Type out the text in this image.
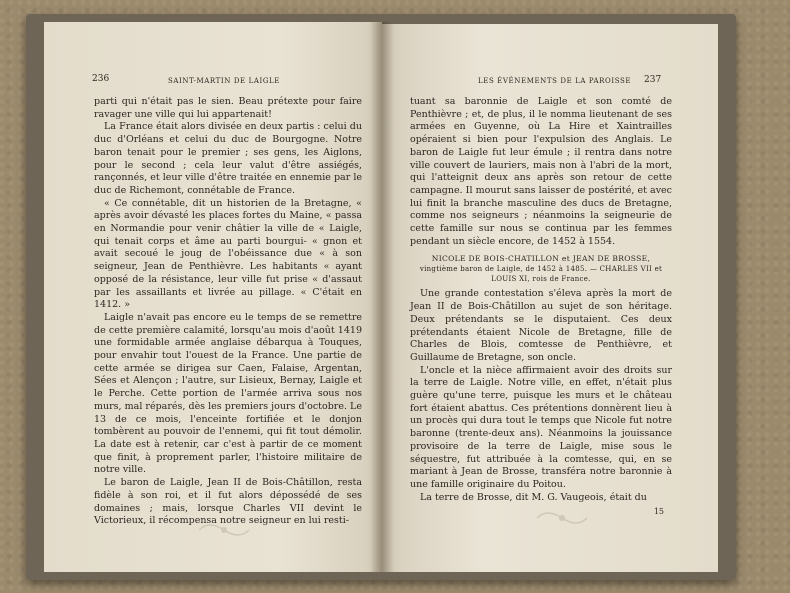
236	SAINT-MARTIN DE LAIGLE

parti qui n'était pas le sien. Beau prétexte pour faire ravager une ville qui lui appartenait!

La France était alors divisée en deux partis : celui du duc d'Orléans et celui du duc de Bourgogne. Notre baron tenait pour le premier ; ses gens, les Aiglons, pour le second ; cela leur valut d'être assiégés, rançonnés, et leur ville d'être traitée en ennemie par le duc de Richemont, connétable de France.

« Ce connétable, dit un historien de la Bretagne, « après avoir dévasté les places fortes du Maine, « passa en Normandie pour venir châtier la ville de « Laigle, qui tenait corps et âme au parti bourgui- « gnon et avait secoué le joug de l'obéissance due « à son seigneur, Jean de Penthièvre. Les habitants « ayant opposé de la résistance, leur ville fut prise « d'assaut par les assaillants et livrée au pillage. « C'était en 1412. »

Laigle n'avait pas encore eu le temps de se remettre de cette première calamité, lorsqu'au mois d'août 1419 une formidable armée anglaise débarqua à Touques, pour envahir tout l'ouest de la France. Une partie de cette armée se dirigea sur Caen, Falaise, Argentan, Sées et Alençon ; l'autre, sur Lisieux, Bernay, Laigle et le Perche. Cette portion de l'armée arriva sous nos murs, mal réparés, dès les premiers jours d'octobre. Le 13 de ce mois, l'enceinte fortifiée et le donjon tombèrent au pouvoir de l'ennemi, qui fit tout démolir. La date est à retenir, car c'est à partir de ce moment que finit, à proprement parler, l'histoire militaire de notre ville.

Le baron de Laigle, Jean II de Bois-Châtillon, resta fidèle à son roi, et il fut alors dépossédé de ses domaines ; mais, lorsque Charles VII devint le Victorieux, il récompensa notre seigneur en lui resti-

LES ÉVÉNEMENTS DE LA PAROISSE 237

tuant sa baronnie de Laigle et son comté de Penthièvre ; et, de plus, il le nomma lieutenant de ses armées en Guyenne, où La Hire et Xaintrailles opéraient si bien pour l'expulsion des Anglais. Le baron de Laigle fut leur émule ; il rentra dans notre ville couvert de lauriers, mais non à l'abri de la mort, qui l'atteignit deux ans après son retour de cette campagne. Il mourut sans laisser de postérité, et avec lui finit la branche masculine des ducs de Bretagne, comme nos seigneurs ; néanmoins la seigneurie de cette famille sur nous se continua par les femmes pendant un siècle encore, de 1452 à 1554.

NICOLE DE BOIS-CHATILLON et JEAN DE BROSSE,
vingtième baron de Laigle, de 1452 à 1485. — CHARLES VII et LOUIS XI, rois de France.

Une grande contestation s'éleva après la mort de Jean II de Bois-Châtillon au sujet de son héritage. Deux prétendants se le disputaient. Ces deux prétendants étaient Nicole de Bretagne, fille de Charles de Blois, comtesse de Penthièvre, et Guillaume de Bretagne, son oncle.

L'oncle et la nièce affirmaient avoir des droits sur la terre de Laigle. Notre ville, en effet, n'était plus guère qu'une terre, puisque les murs et le château fort étaient abattus. Ces prétentions donnèrent lieu à un procès qui dura tout le temps que Nicole fut notre baronne (trente-deux ans). Néanmoins la jouissance provisoire de la terre de Laigle, mise sous le séquestre, fut attribuée à la comtesse, qui, en se mariant à Jean de Brosse, transféra notre baronnie à une famille originaire du Poitou.

La terre de Brosse, dit M. G. Vaugeois, était du

15
